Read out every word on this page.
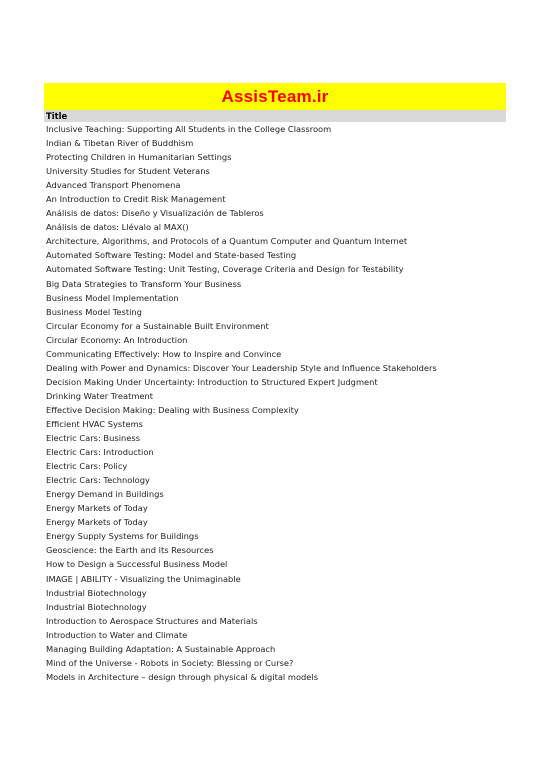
AssisTeam.ir
Title
Inclusive Teaching: Supporting All Students in the College Classroom
Indian & Tibetan River of Buddhism
Protecting Children in Humanitarian Settings
University Studies for Student Veterans
Advanced Transport Phenomena
An Introduction to Credit Risk Management
Análisis de datos: Diseño y Visualización de Tableros
Análisis de datos: Llévalo al MAX()
Architecture, Algorithms, and Protocols of a Quantum Computer and Quantum Internet
Automated Software Testing: Model and State-based Testing
Automated Software Testing: Unit Testing, Coverage Criteria and Design for Testability
Big Data Strategies to Transform Your Business
Business Model Implementation
Business Model Testing
Circular Economy for a Sustainable Built Environment
Circular Economy: An Introduction
Communicating Effectively: How to Inspire and Convince
Dealing with Power and Dynamics: Discover Your Leadership Style and Influence Stakeholders
Decision Making Under Uncertainty: Introduction to Structured Expert Judgment
Drinking Water Treatment
Effective Decision Making: Dealing with Business Complexity
Efficient HVAC Systems
Electric Cars: Business
Electric Cars: Introduction
Electric Cars: Policy
Electric Cars: Technology
Energy Demand in Buildings
Energy Markets of Today
Energy Markets of Today
Energy Supply Systems for Buildings
Geoscience: the Earth and its Resources
How to Design a Successful Business Model
IMAGE | ABILITY - Visualizing the Unimaginable
Industrial Biotechnology
Industrial Biotechnology
Introduction to Aerospace Structures and Materials
Introduction to Water and Climate
Managing Building Adaptation: A Sustainable Approach
Mind of the Universe - Robots in Society: Blessing or Curse?
Models in Architecture – design through physical & digital models
